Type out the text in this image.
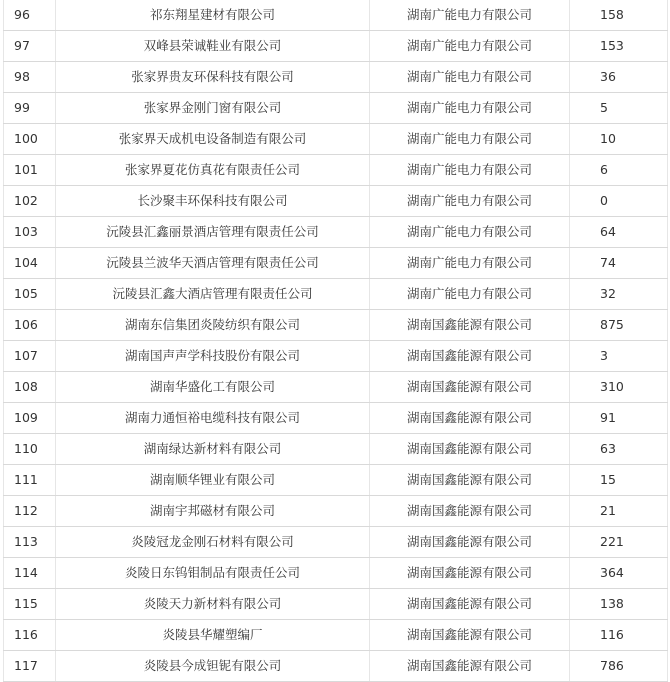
96	祁东翔星建材有限公司	湖南广能电力有限公司	158
97	双峰县荣诚鞋业有限公司	湖南广能电力有限公司	153
98	张家界贵友环保科技有限公司	湖南广能电力有限公司	36
99	张家界金刚门窗有限公司	湖南广能电力有限公司	5
100	张家界天成机电设备制造有限公司	湖南广能电力有限公司	10
101	张家界夏花仿真花有限责任公司	湖南广能电力有限公司	6
102	长沙聚丰环保科技有限公司	湖南广能电力有限公司	0
103	沅陵县汇鑫丽景酒店管理有限责任公司	湖南广能电力有限公司	64
104	沅陵县兰波华天酒店管理有限责任公司	湖南广能电力有限公司	74
105	沅陵县汇鑫大酒店管理有限责任公司	湖南广能电力有限公司	32
106	湖南东信集团炎陵纺织有限公司	湖南国鑫能源有限公司	875
107	湖南国声声学科技股份有限公司	湖南国鑫能源有限公司	3
108	湖南华盛化工有限公司	湖南国鑫能源有限公司	310
109	湖南力通恒裕电缆科技有限公司	湖南国鑫能源有限公司	91
110	湖南绿达新材料有限公司	湖南国鑫能源有限公司	63
111	湖南顺华锂业有限公司	湖南国鑫能源有限公司	15
112	湖南宇邦磁材有限公司	湖南国鑫能源有限公司	21
113	炎陵冠龙金刚石材料有限公司	湖南国鑫能源有限公司	221
114	炎陵日东钨钼制品有限责任公司	湖南国鑫能源有限公司	364
115	炎陵天力新材料有限公司	湖南国鑫能源有限公司	138
116	炎陵县华耀塑编厂	湖南国鑫能源有限公司	116
117	炎陵县今成钽铌有限公司	湖南国鑫能源有限公司	786
